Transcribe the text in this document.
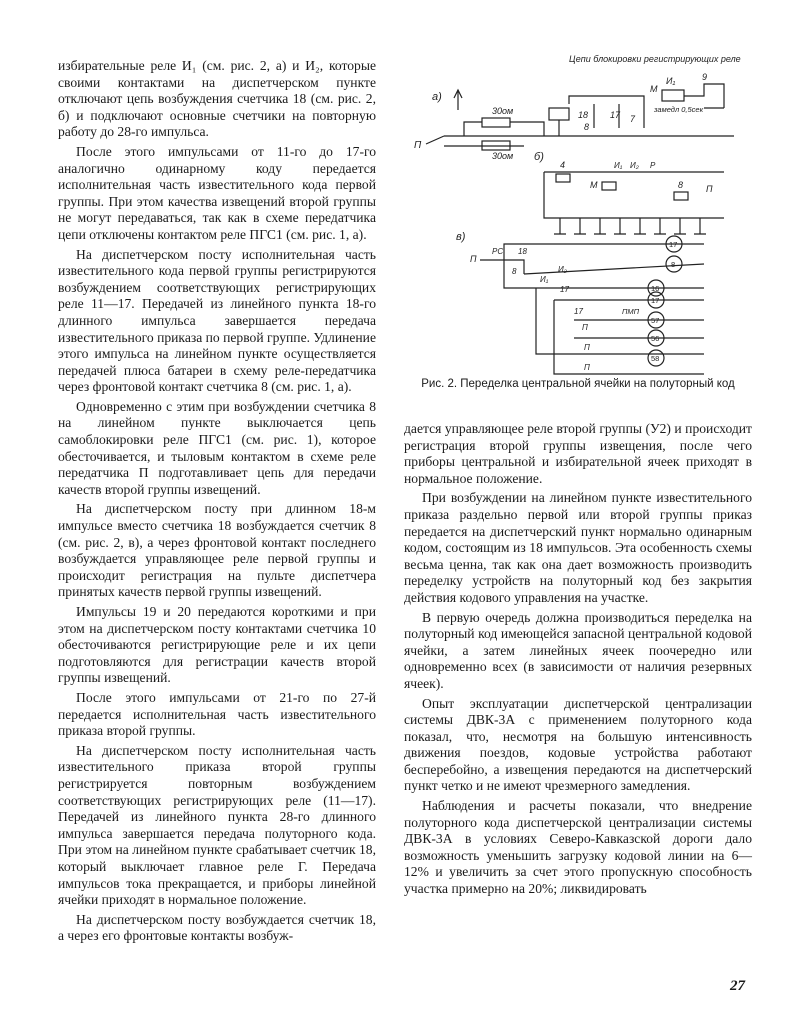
избирательные реле И₁ (см. рис. 2, а) и И₂, которые своими контактами на диспетчерском пункте отключают цепь возбуждения счетчика 18 (см. рис. 2, б) и подключают основные счетчики на повторную работу до 28-го импульса.

После этого импульсами от 11-го до 17-го аналогично одинарному коду передается исполнительная часть известительного кода первой группы. При этом качества извещений второй группы не могут передаваться, так как в схеме передатчика цепи отключены контактом реле ПГС1 (см. рис. 1, а).

На диспетчерском посту исполнительная часть известительного кода первой группы регистрируются возбуждением соответствующих регистрирующих реле 11—17. Передачей из линейного пункта 18-го длинного импульса завершается передача известительного приказа по первой группе. Удлинение этого импульса на линейном пункте осуществляется передачей плюса батареи в схему реле-передатчика через фронтовой контакт счетчика 8 (см. рис. 1, а).

Одновременно с этим при возбуждении счетчика 8 на линейном пункте выключается цепь самоблокировки реле ПГС1 (см. рис. 1), которое обесточивается, и тыловым контактом в схеме реле передатчика П подготавливает цепь для передачи качеств второй группы извещений.

На диспетчерском посту при длинном 18-м импульсе вместо счетчика 18 возбуждается счетчик 8 (см. рис. 2, в), а через фронтовой контакт последнего возбуждается управляющее реле первой группы и происходит регистрация на пульте диспетчера принятых качеств первой группы извещений.

Импульсы 19 и 20 передаются короткими и при этом на диспетчерском посту контактами счетчика 10 обесточиваются регистрирующие реле и их цепи подготовляются для регистрации качеств второй группы извещений.

После этого импульсами от 21-го по 27-й передается исполнительная часть известительного приказа второй группы.

На диспетчерском посту исполнительная часть известительного приказа второй группы регистрируется повторным возбуждением соответствующих регистрирующих реле (11—17). Передачей из линейного пункта 28-го длинного импульса завершается передача полуторного кода. При этом на линейном пункте срабатывает счетчик 18, который выключает главное реле Г. Передача импульсов тока прекращается, и приборы линейной ячейки приходят в нормальное положение.

На диспетчерском посту возбуждается счетчик 18, а через его фронтовые контакты возбуж-

Цепи блокировки регистрирующих реле
а)
30ом
30ом
П
18 17 7
8
М
И₁
замедл 0,5сек
9
б)
4
М
И₁ И₂ Р
8	П
в)
П
РС 18
8
И₁
И₂
17
17
П
ПМП
П
П
17
8
16
17
57
56
58
Рис. 2. Переделка центральной ячейки на полуторный код

дается управляющее реле второй группы (У2) и происходит регистрация второй группы извещения, после чего приборы центральной и избирательной ячеек приходят в нормальное положение.

При возбуждении на линейном пункте известительного приказа раздельно первой или второй группы приказ передается на диспетчерский пункт нормально одинарным кодом, состоящим из 18 импульсов. Эта особенность схемы весьма ценна, так как она дает возможность производить переделку устройств на полуторный код без закрытия действия кодового управления на участке.

В первую очередь должна производиться переделка на полуторный код имеющейся запасной центральной кодовой ячейки, а затем линейных ячеек поочередно или одновременно всех (в зависимости от наличия резервных ячеек).

Опыт эксплуатации диспетчерской централизации системы ДВК-3А с применением полуторного кода показал, что, несмотря на большую интенсивность движения поездов, кодовые устройства работают бесперебойно, а извещения передаются на диспетчерский пункт четко и не имеют чрезмерного замедления.

Наблюдения и расчеты показали, что внедрение полуторного кода диспетчерской централизации системы ДВК-3А в условиях Северо-Кавказской дороги дало возможность уменьшить загрузку кодовой линии на 6—12% и увеличить за счет этого пропускную способность участка примерно на 20%; ликвидировать

27
